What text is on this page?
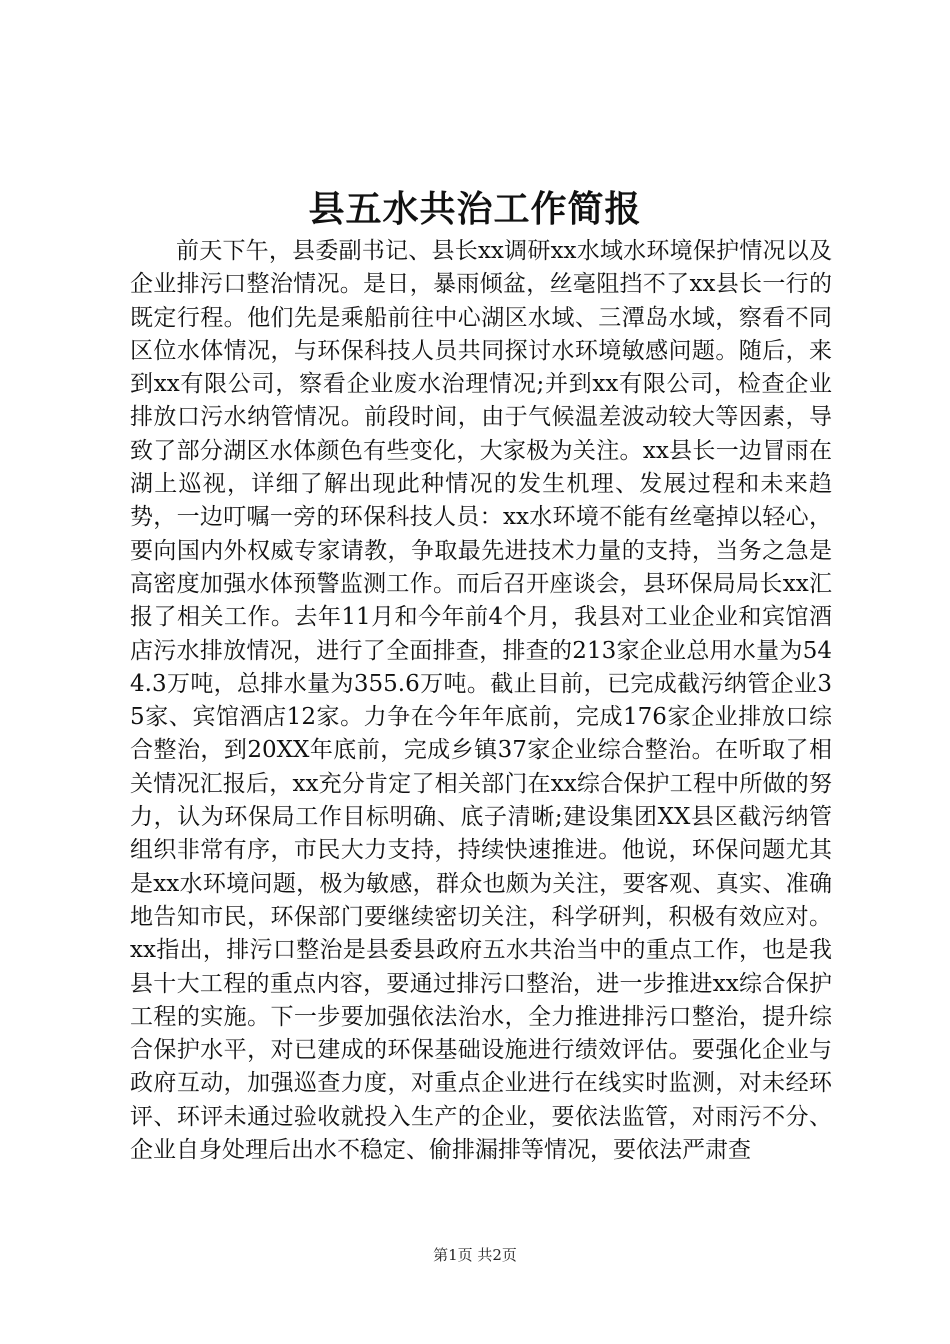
县五水共治工作简报

前天下午，县委副书记、县长xx调研xx水域水环境保护情况以及企业排污口整治情况。是日，暴雨倾盆，丝毫阻挡不了xx县长一行的既定行程。他们先是乘船前往中心湖区水域、三潭岛水域，察看不同区位水体情况，与环保科技人员共同探讨水环境敏感问题。随后，来到xx有限公司，察看企业废水治理情况;并到xx有限公司，检查企业排放口污水纳管情况。前段时间，由于气候温差波动较大等因素，导致了部分湖区水体颜色有些变化，大家极为关注。xx县长一边冒雨在湖上巡视，详细了解出现此种情况的发生机理、发展过程和未来趋势，一边叮嘱一旁的环保科技人员：xx水环境不能有丝毫掉以轻心，要向国内外权威专家请教，争取最先进技术力量的支持，当务之急是高密度加强水体预警监测工作。而后召开座谈会，县环保局局长xx汇报了相关工作。去年11月和今年前4个月，我县对工业企业和宾馆酒店污水排放情况，进行了全面排查，排查的213家企业总用水量为544.3万吨，总排水量为355.6万吨。截止目前，已完成截污纳管企业35家、宾馆酒店12家。力争在今年年底前，完成176家企业排放口综合整治，到20XX年底前，完成乡镇37家企业综合整治。在听取了相关情况汇报后，xx充分肯定了相关部门在xx综合保护工程中所做的努力，认为环保局工作目标明确、底子清晰;建设集团XX县区截污纳管组织非常有序，市民大力支持，持续快速推进。他说，环保问题尤其是xx水环境问题，极为敏感，群众也颇为关注，要客观、真实、准确地告知市民，环保部门要继续密切关注，科学研判，积极有效应对。xx指出，排污口整治是县委县政府五水共治当中的重点工作，也是我县十大工程的重点内容，要通过排污口整治，进一步推进xx综合保护工程的实施。下一步要加强依法治水，全力推进排污口整治，提升综合保护水平，对已建成的环保基础设施进行绩效评估。要强化企业与政府互动，加强巡查力度，对重点企业进行在线实时监测，对未经环评、环评未通过验收就投入生产的企业，要依法监管，对雨污不分、企业自身处理后出水不稳定、偷排漏排等情况，要依法严肃查

第1页 共2页
